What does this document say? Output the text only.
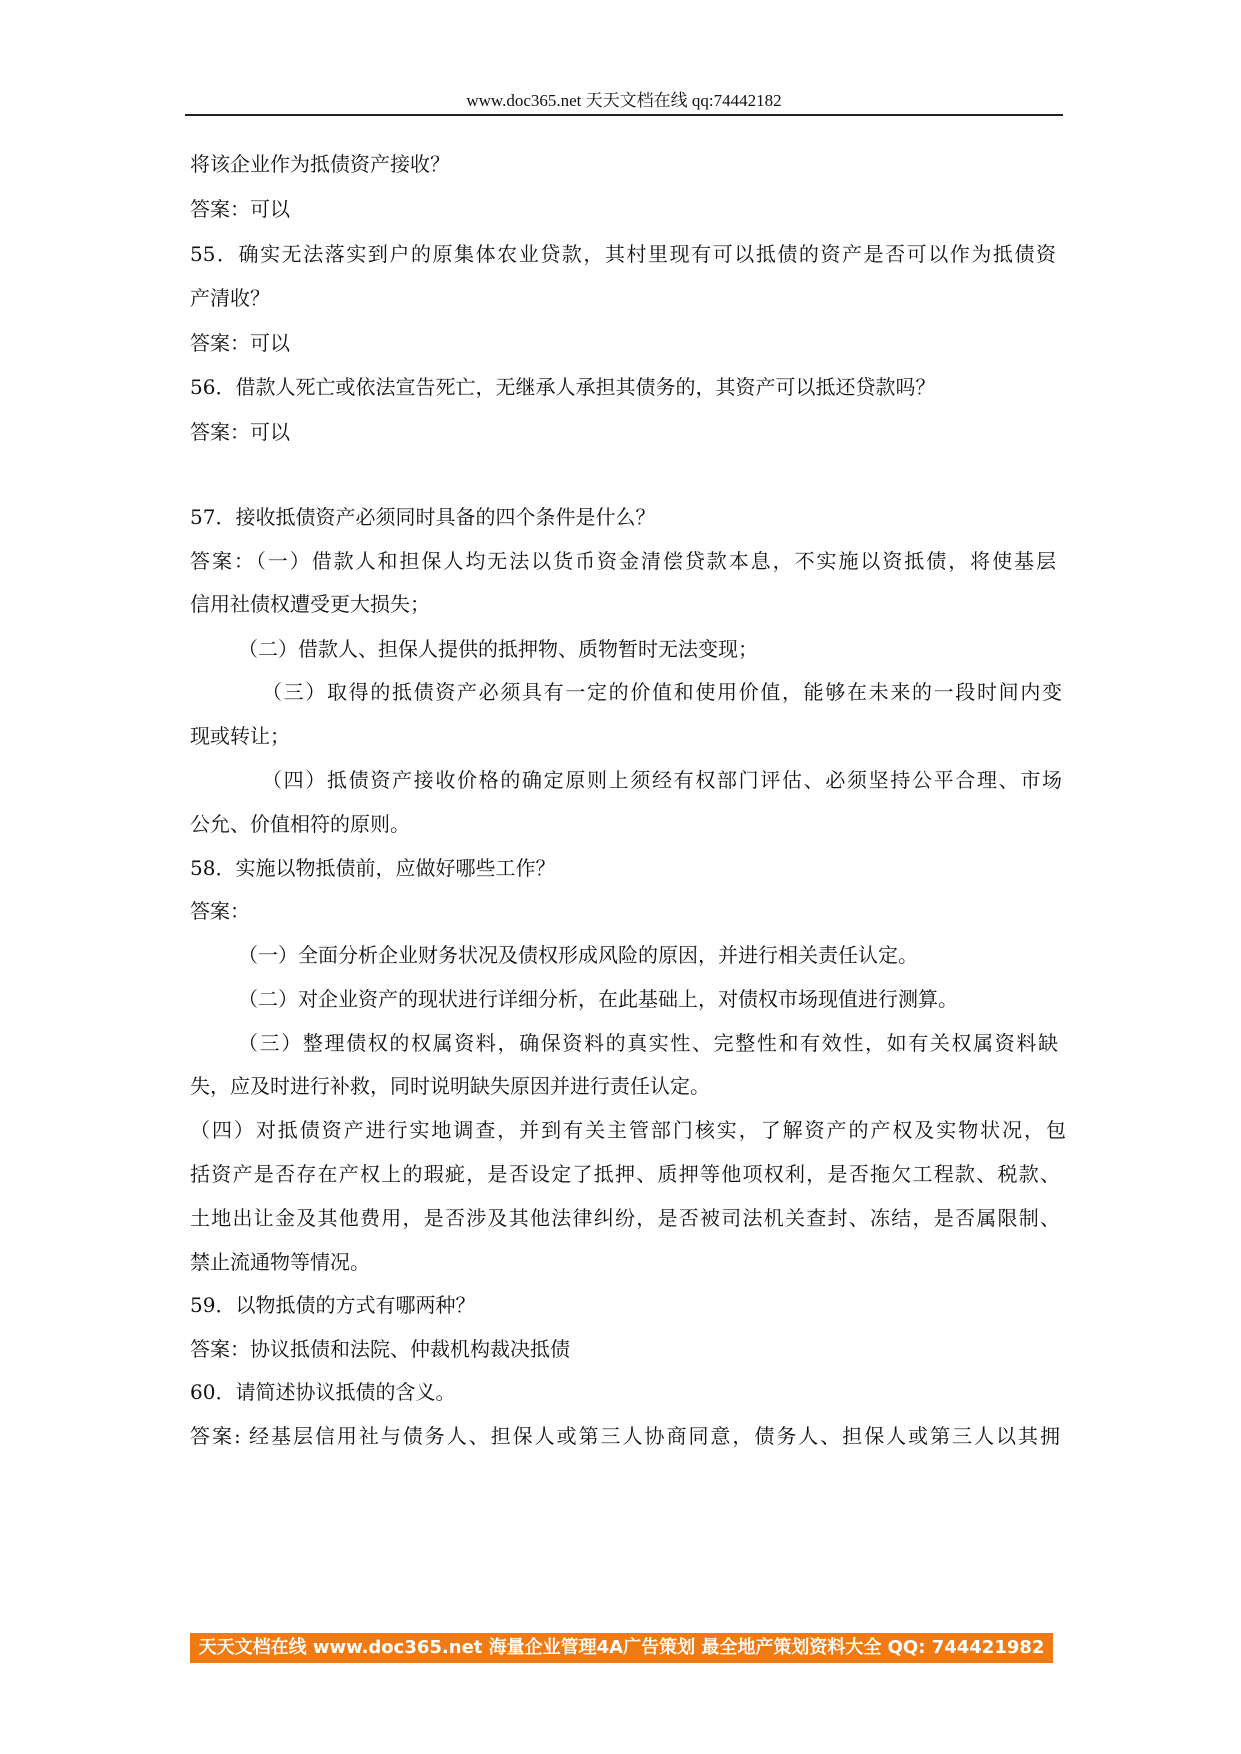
www.doc365.net 天天文档在线 qq:74442182
将该企业作为抵债资产接收？
答案：可以
55．确实无法落实到户的原集体农业贷款，其村里现有可以抵债的资产是否可以作为抵债资
产清收？
答案：可以
56．借款人死亡或依法宣告死亡，无继承人承担其债务的，其资产可以抵还贷款吗？
答案：可以
57．接收抵债资产必须同时具备的四个条件是什么？
答案：（一）借款人和担保人均无法以货币资金清偿贷款本息，不实施以资抵债，将使基层
信用社债权遭受更大损失；
（二）借款人、担保人提供的抵押物、质物暂时无法变现；
（三）取得的抵债资产必须具有一定的价值和使用价值，能够在未来的一段时间内变
现或转让；
（四）抵债资产接收价格的确定原则上须经有权部门评估、必须坚持公平合理、市场
公允、价值相符的原则。
58．实施以物抵债前，应做好哪些工作？
答案：
（一）全面分析企业财务状况及债权形成风险的原因，并进行相关责任认定。
（二）对企业资产的现状进行详细分析，在此基础上，对债权市场现值进行测算。
（三）整理债权的权属资料，确保资料的真实性、完整性和有效性，如有关权属资料缺
失，应及时进行补救，同时说明缺失原因并进行责任认定。
（四）对抵债资产进行实地调查，并到有关主管部门核实，了解资产的产权及实物状况，包
括资产是否存在产权上的瑕疵，是否设定了抵押、质押等他项权利，是否拖欠工程款、税款、
土地出让金及其他费用，是否涉及其他法律纠纷，是否被司法机关查封、冻结，是否属限制、
禁止流通物等情况。
59．以物抵债的方式有哪两种？
答案：协议抵债和法院、仲裁机构裁决抵债
60．请简述协议抵债的含义。
答案: 经基层信用社与债务人、担保人或第三人协商同意，债务人、担保人或第三人以其拥
天天文档在线 www.doc365.net 海量企业管理4A广告策划 最全地产策划资料大全 QQ: 744421982
